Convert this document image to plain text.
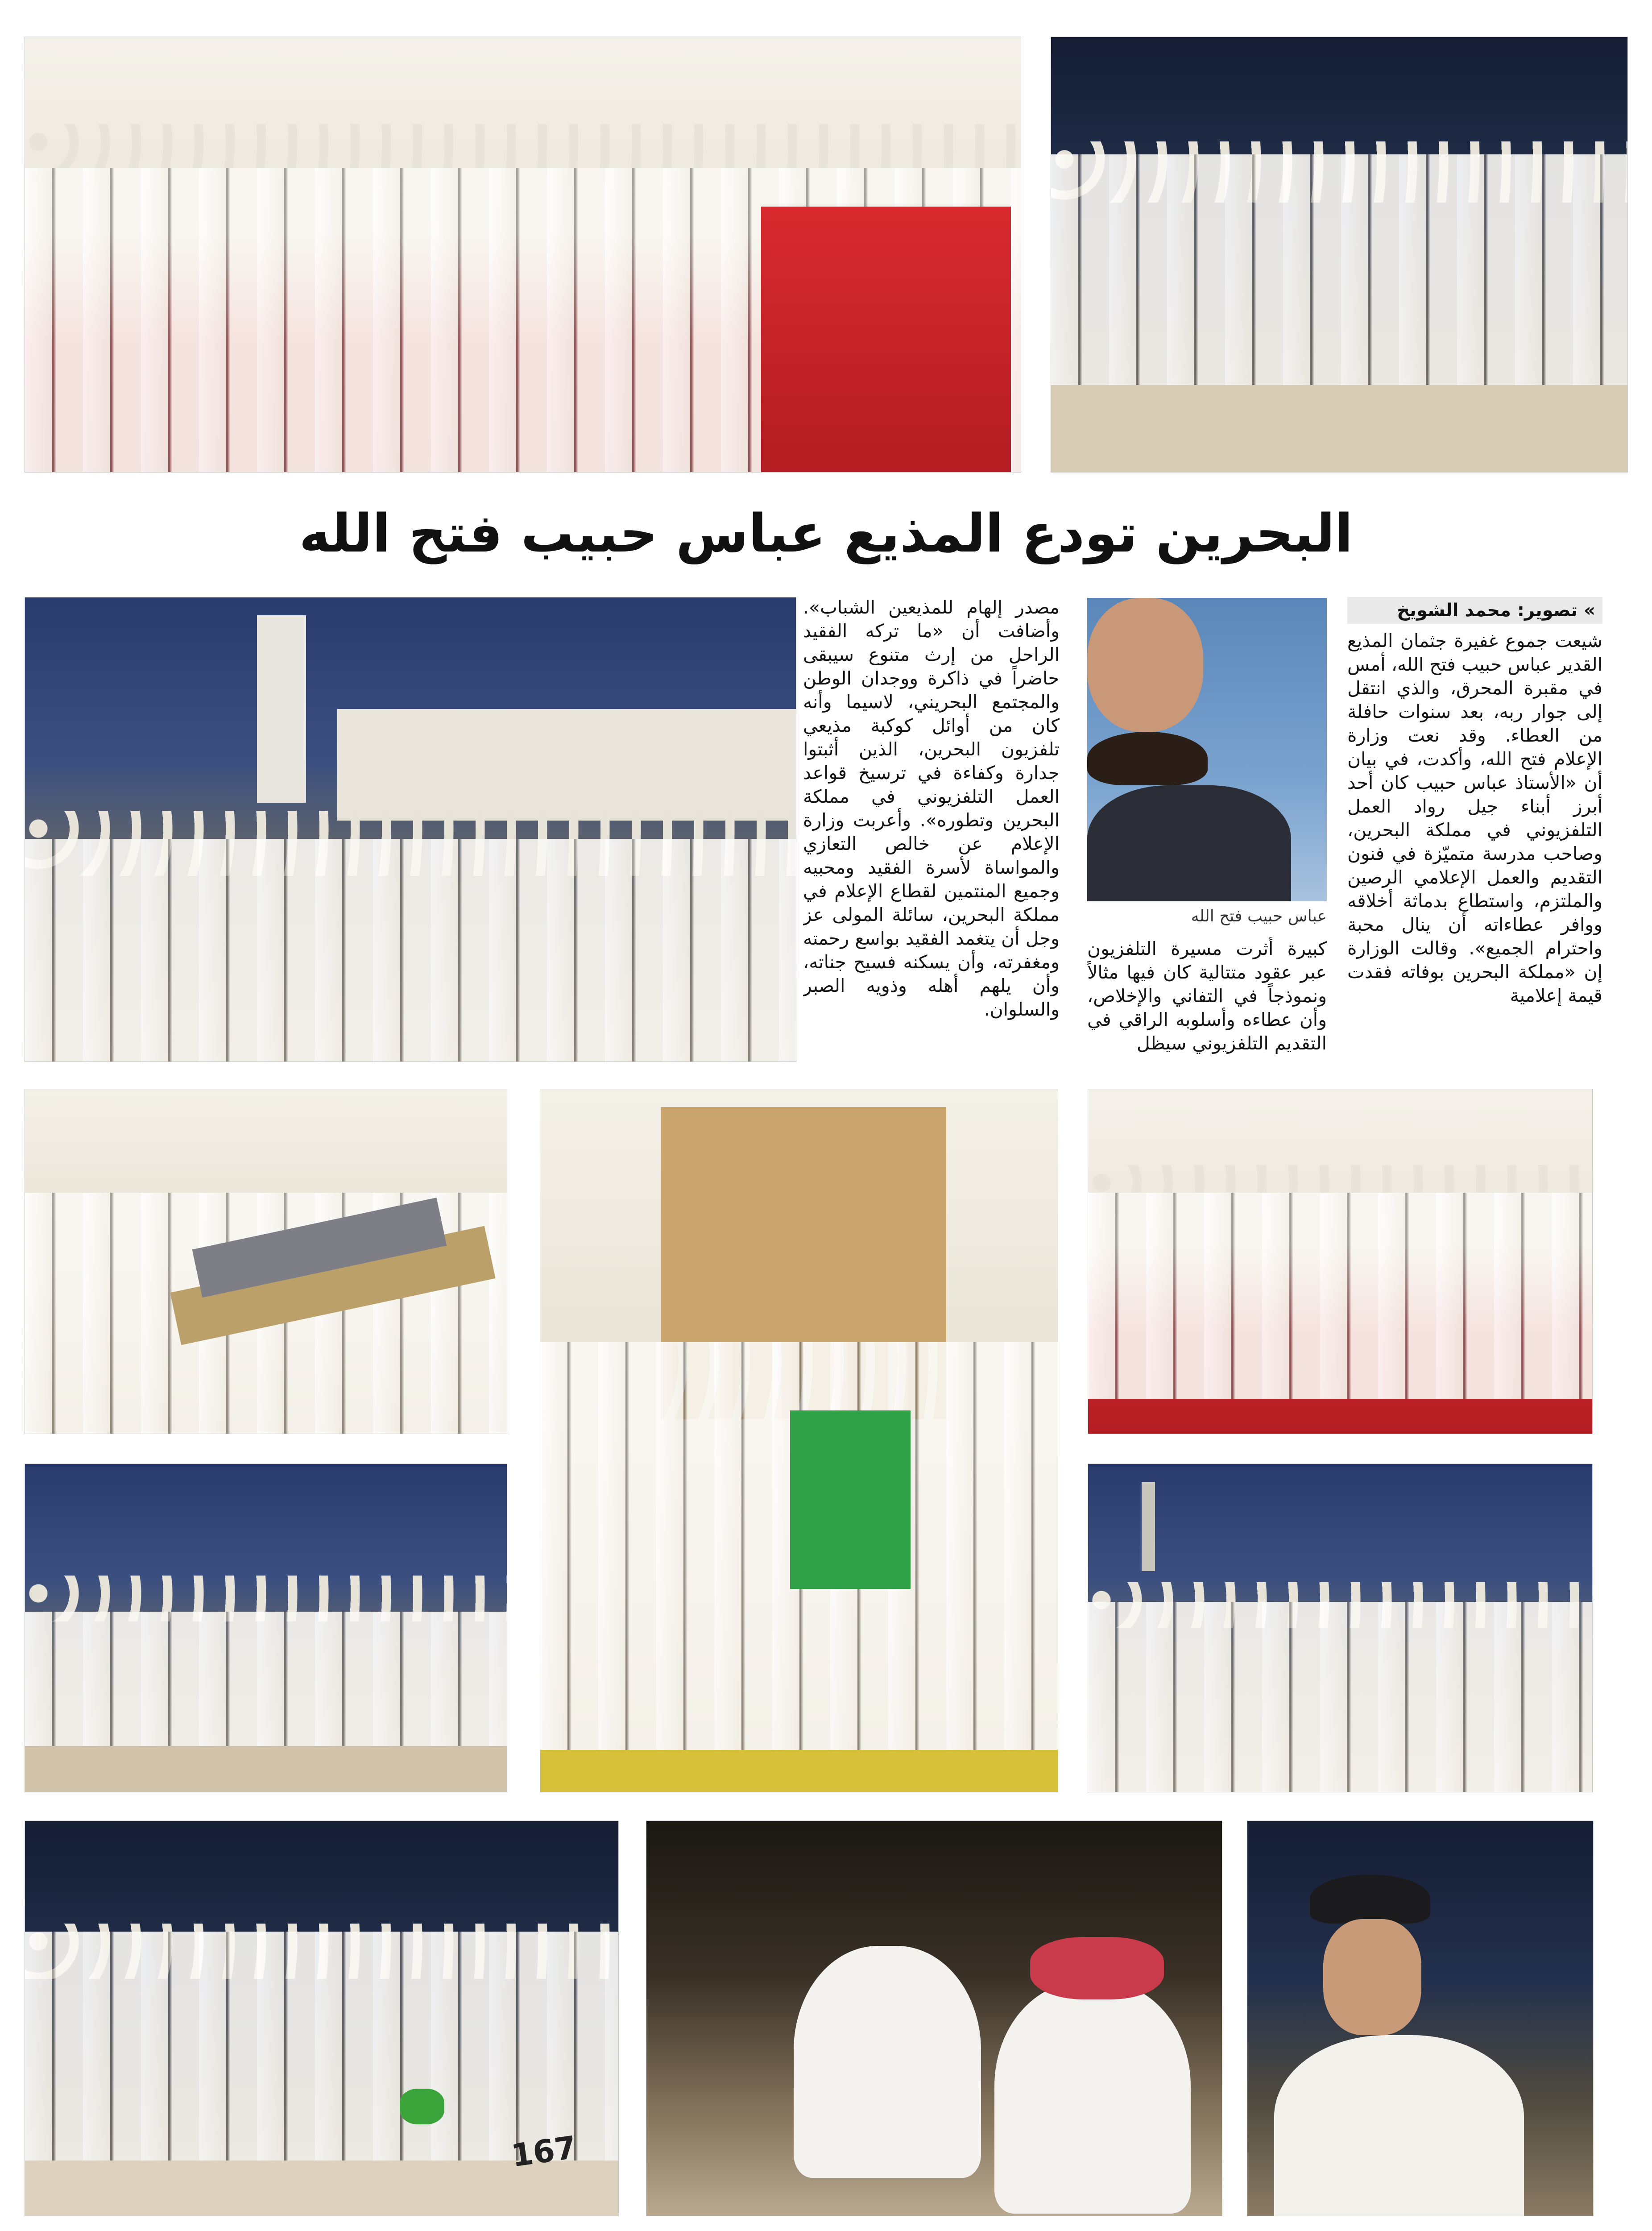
البحرين تودع المذيع عباس حبيب فتح الله
مصدر إلهام للمذيعين الشباب». وأضافت أن «ما تركه الفقيد الراحل من إرث متنوع سيبقى حاضراً في ذاكرة ووجدان الوطن والمجتمع البحريني، لاسيما وأنه كان من أوائل كوكبة مذيعي تلفزيون البحرين، الذين أثبتوا جدارة وكفاءة في ترسيخ قواعد العمل التلفزيوني في مملكة البحرين وتطوره». وأعربت وزارة الإعلام عن خالص التعازي والمواساة لأسرة الفقيد ومحبيه وجميع المنتمين لقطاع الإعلام في مملكة البحرين، سائلة المولى عز وجل أن يتغمد الفقيد بواسع رحمته ومغفرته، وأن يسكنه فسيح جناته، وأن يلهم أهله وذويه الصبر والسلوان.
عباس حبيب فتح الله
كبيرة أثرت مسيرة التلفزيون عبر عقود متتالية كان فيها مثالاً ونموذجاً في التفاني والإخلاص، وأن عطاءه وأسلوبه الراقي في التقديم التلفزيوني سيظل
» تصوير: محمد الشويخ
شيعت جموع غفيرة جثمان المذيع القدير عباس حبيب فتح الله، أمس في مقبرة المحرق، والذي انتقل إلى جوار ربه، بعد سنوات حافلة من العطاء. وقد نعت وزارة الإعلام فتح الله، وأكدت، في بيان أن «الأستاذ عباس حبيب كان أحد أبرز أبناء جيل رواد العمل التلفزيوني في مملكة البحرين، وصاحب مدرسة متميّزة في فنون التقديم والعمل الإعلامي الرصين والملتزم، واستطاع بدماثة أخلاقه ووافر عطاءاته أن ينال محبة واحترام الجميع». وقالت الوزارة إن «مملكة البحرين بوفاته فقدت قيمة إعلامية
167
